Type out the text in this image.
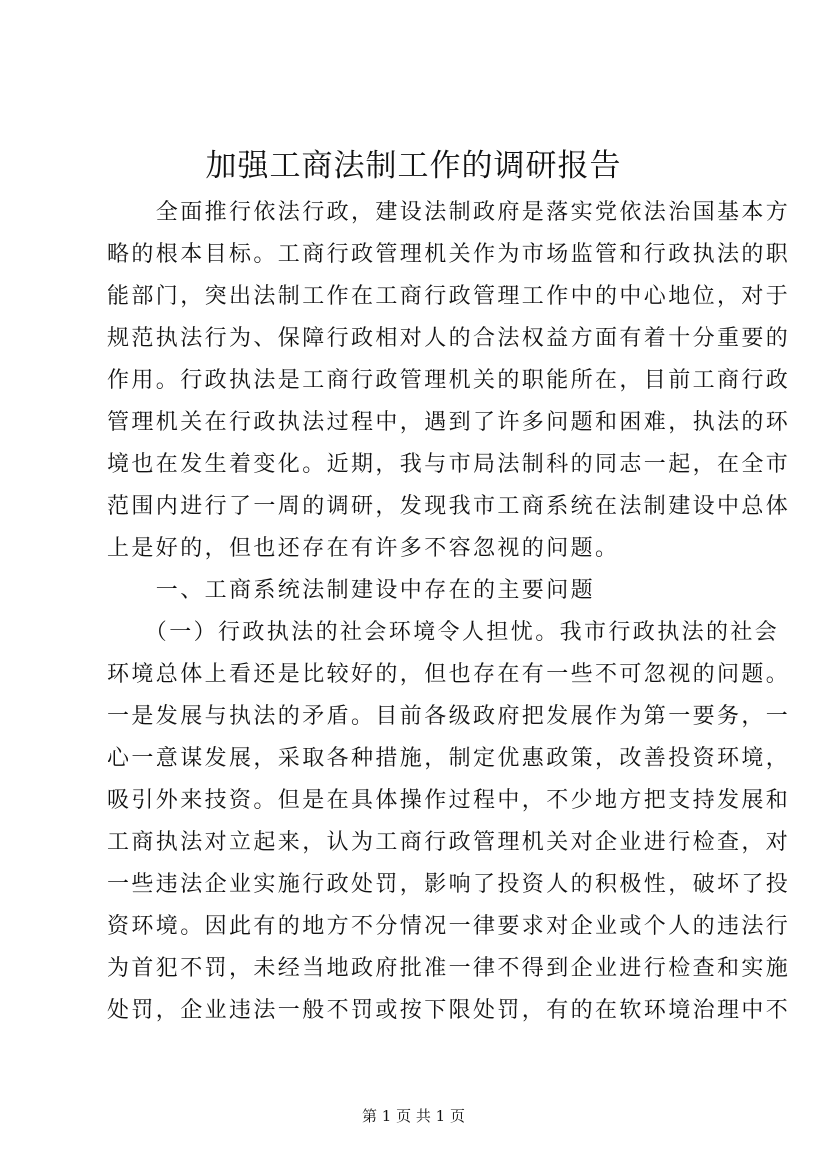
加强工商法制工作的调研报告
　　全面推行依法行政，建设法制政府是落实党依法治国基本方
略的根本目标。工商行政管理机关作为市场监管和行政执法的职
能部门，突出法制工作在工商行政管理工作中的中心地位，对于
规范执法行为、保障行政相对人的合法权益方面有着十分重要的
作用。行政执法是工商行政管理机关的职能所在，目前工商行政
管理机关在行政执法过程中，遇到了许多问题和困难，执法的环
境也在发生着变化。近期，我与市局法制科的同志一起，在全市
范围内进行了一周的调研，发现我市工商系统在法制建设中总体
上是好的，但也还存在有许多不容忽视的问题。
　　一、工商系统法制建设中存在的主要问题
　　（一）行政执法的社会环境令人担忧。我市行政执法的社会
环境总体上看还是比较好的，但也存在有一些不可忽视的问题。
一是发展与执法的矛盾。目前各级政府把发展作为第一要务，一
心一意谋发展，采取各种措施，制定优惠政策，改善投资环境，
吸引外来技资。但是在具体操作过程中，不少地方把支持发展和
工商执法对立起来，认为工商行政管理机关对企业进行检查，对
一些违法企业实施行政处罚，影响了投资人的积极性，破坏了投
资环境。因此有的地方不分情况一律要求对企业或个人的违法行
为首犯不罚，未经当地政府批准一律不得到企业进行检查和实施
处罚，企业违法一般不罚或按下限处罚，有的在软环境治理中不
第 1 页 共 1 页
